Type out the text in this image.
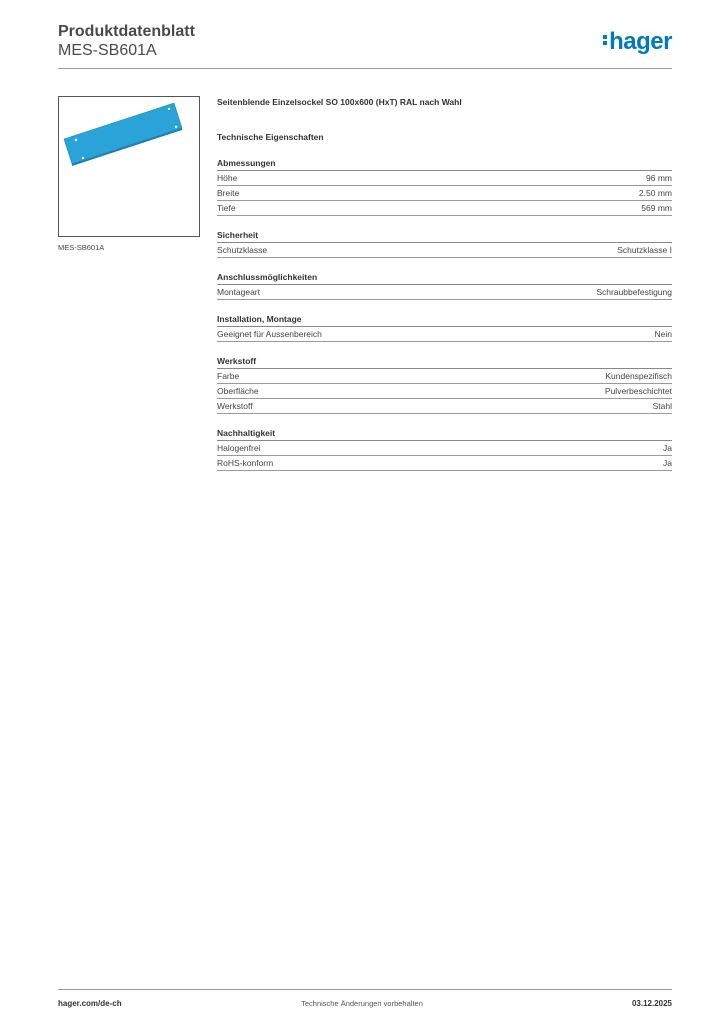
Produktdatenblatt
MES-SB601A	hager
MES-SB601A
Seitenblende Einzelsockel SO 100x600 (HxT) RAL nach Wahl
Technische Eigenschaften
Abmessungen
Höhe	96 mm
Breite	2.50 mm
Tiefe	569 mm
Sicherheit
Schutzklasse	Schutzklasse I
Anschlussmöglichkeiten
Montageart	Schraubbefestigung
Installation, Montage
Geeignet für Aussenbereich	Nein
Werkstoff
Farbe	Kundenspezifisch
Oberfläche	Pulverbeschichtet
Werkstoff	Stahl
Nachhaltigkeit
Halogenfrei	Ja
RoHS-konform	Ja
hager.com/de-ch	Technische Änderungen vorbehalten	03.12.2025
